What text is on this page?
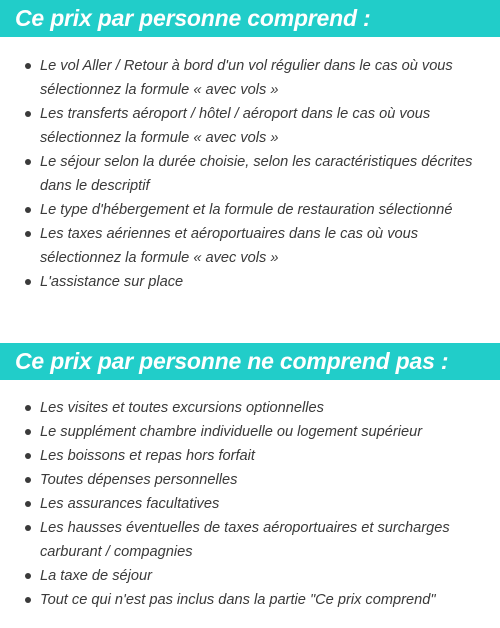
Ce prix par personne comprend :
Le vol Aller / Retour à bord d'un vol régulier dans le cas où vous sélectionnez la formule « avec vols »
Les transferts aéroport / hôtel / aéroport dans le cas où vous sélectionnez la formule « avec vols »
Le séjour selon la durée choisie, selon les caractéristiques décrites dans le descriptif
Le type d'hébergement et la formule de restauration sélectionné
Les taxes aériennes et aéroportuaires dans le cas où vous sélectionnez la formule « avec vols »
L'assistance sur place
Ce prix par personne ne comprend pas :
Les visites et toutes excursions optionnelles
Le supplément chambre individuelle ou logement supérieur
Les boissons et repas hors forfait
Toutes dépenses personnelles
Les assurances facultatives
Les hausses éventuelles de taxes aéroportuaires et surcharges carburant / compagnies
La taxe de séjour
Tout ce qui n'est pas inclus dans la partie "Ce prix comprend"
